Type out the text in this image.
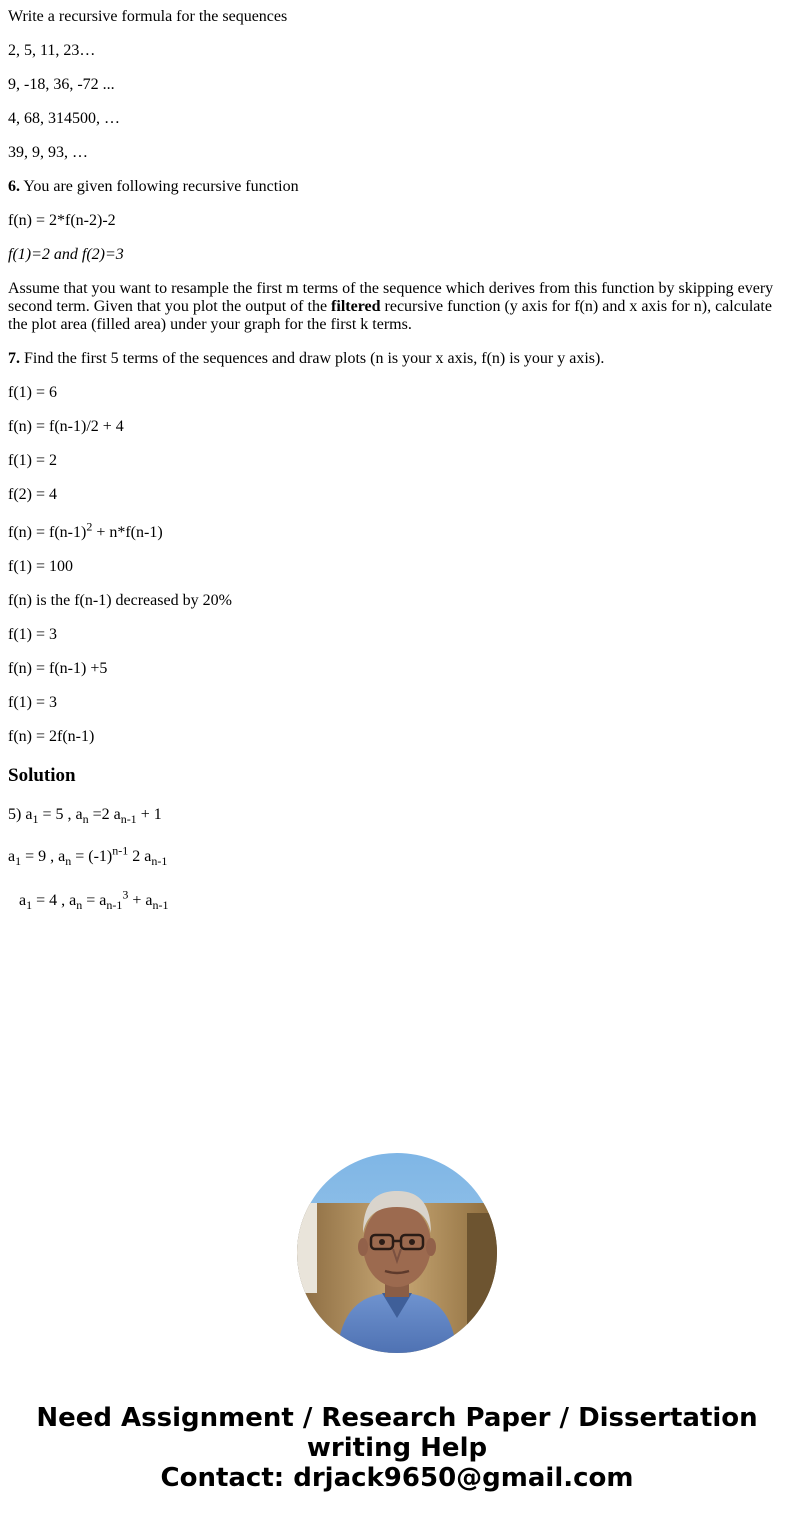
Write a recursive formula for the sequences
2, 5, 11, 23…
9, -18, 36, -72 ...
4, 68, 314500, …
39, 9, 93, …
6. You are given following recursive function
f(n) = 2*f(n-2)-2
f(1)=2 and f(2)=3
Assume that you want to resample the first m terms of the sequence which derives from this function by skipping every second term. Given that you plot the output of the filtered recursive function (y axis for f(n) and x axis for n), calculate the plot area (filled area) under your graph for the first k terms.
7. Find the first 5 terms of the sequences and draw plots (n is your x axis, f(n) is your y axis).
f(1) = 6
f(n) = f(n-1)/2 + 4
f(1) = 2
f(2) = 4
$f(n) = f(n-1)^2 + n*f(n-1)$
f(1) = 100
f(n) is the f(n-1) decreased by 20%
f(1) = 3
f(n) = f(n-1) +5
f(1) = 3
f(n) = 2f(n-1)
Solution
5) $a_1 = 5$ , $a_n =2$ $a_{n-1} + 1$
$a_1 = 9$ , $a_n = (-1)^{n-1}$ 2 $a_{n-1}$
$a_1 = 4$ , $a_n = a_{n-1}^3 + a_{n-1}$
Need Assignment / Research Paper / Dissertation
writing Help
Contact: drjack9650@gmail.com
